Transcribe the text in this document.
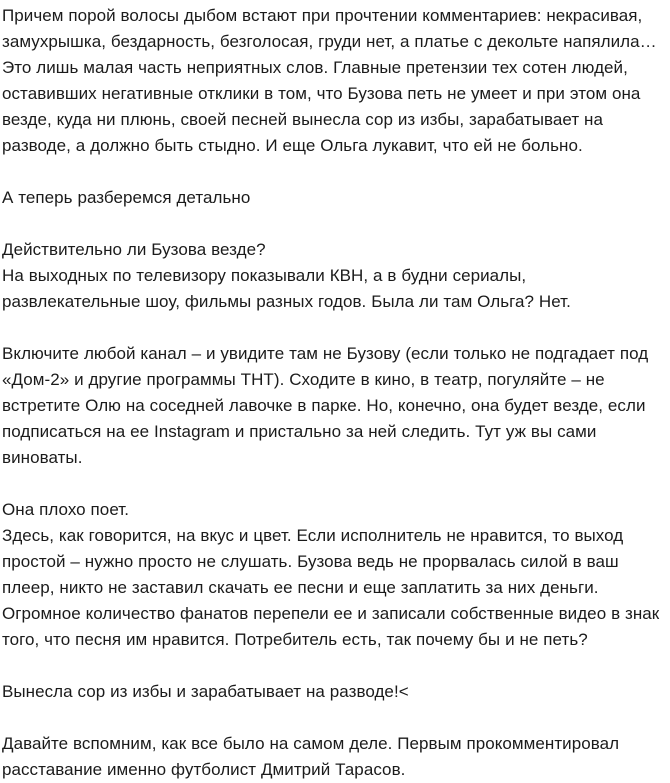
Причем порой волосы дыбом встают при прочтении комментариев: некрасивая, замухрышка, бездарность, безголосая, груди нет, а платье с декольте напялила… Это лишь малая часть неприятных слов. Главные претензии тех сотен людей, оставивших негативные отклики в том, что Бузова петь не умеет и при этом она везде, куда ни плюнь, своей песней вынесла сор из избы, зарабатывает на разводе, а должно быть стыдно. И еще Ольга лукавит, что ей не больно.

А теперь разберемся детально

Действительно ли Бузова везде?

На выходных по телевизору показывали КВН, а в будни сериалы, развлекательные шоу, фильмы разных годов. Была ли там Ольга? Нет.

Включите любой канал – и увидите там не Бузову (если только не подгадает под «Дом-2» и другие программы ТНТ). Сходите в кино, в театр, погуляйте – не встретите Олю на соседней лавочке в парке. Но, конечно, она будет везде, если подписаться на ее Instagram и пристально за ней следить. Тут уж вы сами виноваты.

Она плохо поет.

Здесь, как говорится, на вкус и цвет. Если исполнитель не нравится, то выход простой – нужно просто не слушать. Бузова ведь не прорвалась силой в ваш плеер, никто не заставил скачать ее песни и еще заплатить за них деньги. Огромное количество фанатов перепели ее и записали собственные видео в знак того, что песня им нравится. Потребитель есть, так почему бы и не петь?

Вынесла сор из избы и зарабатывает на разводе!<

Давайте вспомним, как все было на самом деле. Первым прокомментировал расставание именно футболист Дмитрий Тарасов.
